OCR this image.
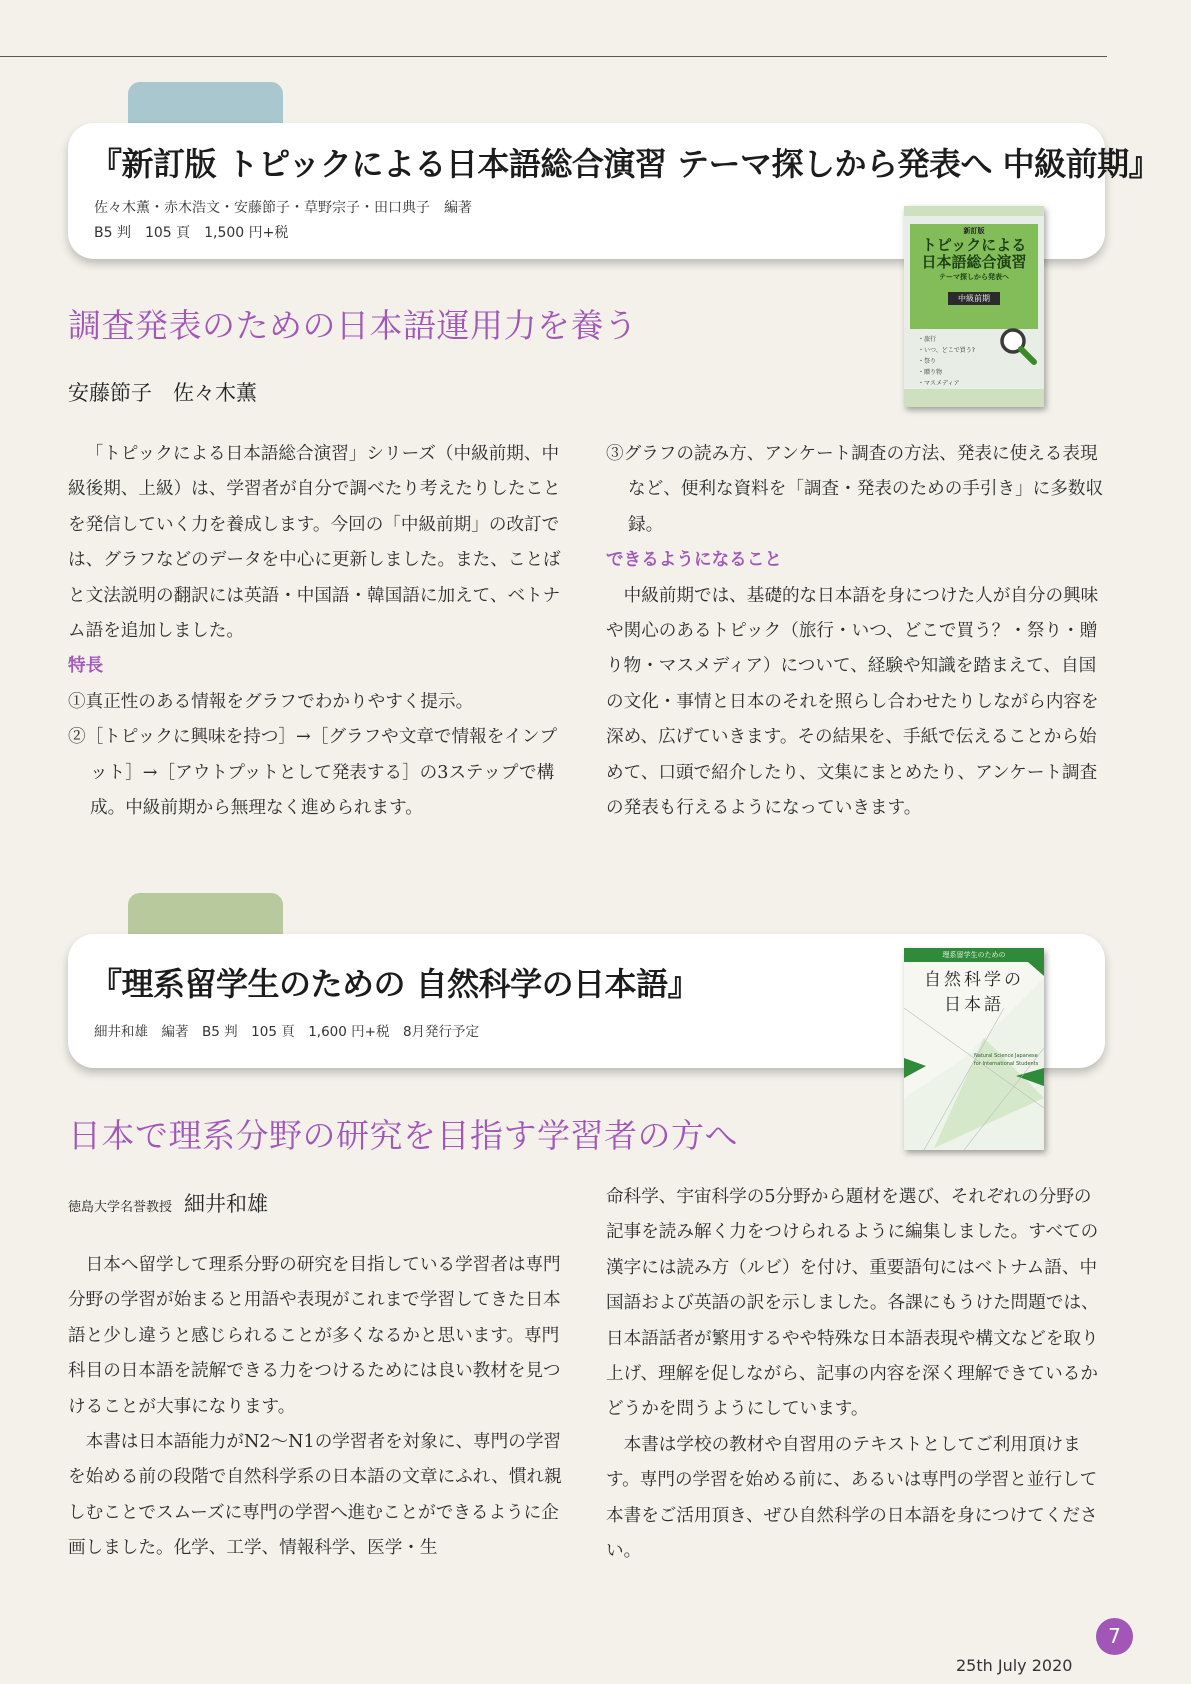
『新訂版 トピックによる日本語総合演習 テーマ探しから発表へ 中級前期』

佐々木薫・赤木浩文・安藤節子・草野宗子・田口典子　編著

B5 判　105 頁　1,500 円+税	新訂版
トピックによる
日本語総合演習
テーマ探しから発表へ
中級前期
・旅行
・いつ、どこで買う?
・祭り
・贈り物
・マスメディア
調査発表のための日本語運用力を養う

安藤節子　佐々木薫

「トピックによる日本語総合演習」シリーズ（中級前期、中級後期、上級）は、学習者が自分で調べたり考えたりしたことを発信していく力を養成します。今回の「中級前期」の改訂では、グラフなどのデータを中心に更新しました。また、ことばと文法説明の翻訳には英語・中国語・韓国語に加えて、ベトナム語を追加しました。

特長

①真正性のある情報をグラフでわかりやすく提示。

②［トピックに興味を持つ］→［グラフや文章で情報をインプット］→［アウトプットとして発表する］の3ステップで構成。中級前期から無理なく進められます。

③グラフの読み方、アンケート調査の方法、発表に使える表現など、便利な資料を「調査・発表のための手引き」に多数収録。

できるようになること

中級前期では、基礎的な日本語を身につけた人が自分の興味や関心のあるトピック（旅行・いつ、どこで買う？・祭り・贈り物・マスメディア）について、経験や知識を踏まえて、自国の文化・事情と日本のそれを照らし合わせたりしながら内容を深め、広げていきます。その結果を、手紙で伝えることから始めて、口頭で紹介したり、文集にまとめたり、アンケート調査の発表も行えるようになっていきます。

『理系留学生のための 自然科学の日本語』

細井和雄　編著　B5 判　105 頁　1,600 円+税　8月発行予定

理系留学生のための
自然科学の
日本語
Natural Science Japanese
for International Students
日本で理系分野の研究を目指す学習者の方へ

徳島大学名誉教授 細井和雄

日本へ留学して理系分野の研究を目指している学習者は専門分野の学習が始まると用語や表現がこれまで学習してきた日本語と少し違うと感じられることが多くなるかと思います。専門科目の日本語を読解できる力をつけるためには良い教材を見つけることが大事になります。

本書は日本語能力がN2～N1の学習者を対象に、専門の学習を始める前の段階で自然科学系の日本語の文章にふれ、慣れ親しむことでスムーズに専門の学習へ進むことができるように企画しました。化学、工学、情報科学、医学・生

命科学、宇宙科学の5分野から題材を選び、それぞれの分野の記事を読み解く力をつけられるように編集しました。すべての漢字には読み方（ルビ）を付け、重要語句にはベトナム語、中国語および英語の訳を示しました。各課にもうけた問題では、日本語話者が繁用するやや特殊な日本語表現や構文などを取り上げ、理解を促しながら、記事の内容を深く理解できているかどうかを問うようにしています。

本書は学校の教材や自習用のテキストとしてご利用頂けます。専門の学習を始める前に、あるいは専門の学習と並行して本書をご活用頂き、ぜひ自然科学の日本語を身につけてください。

25th July 2020

7
